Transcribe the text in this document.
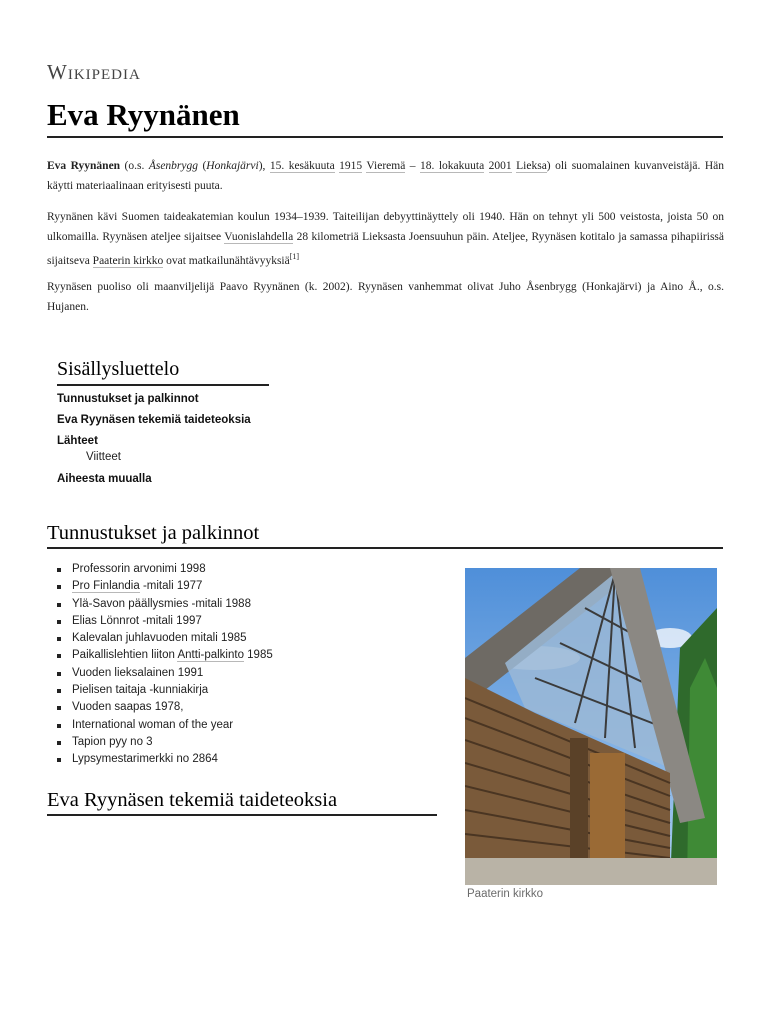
Wikipedia
Eva Ryynänen

Eva Ryynänen (o.s. Åsenbrygg (Honkajärvi), 15. kesäkuuta 1915 Vieremä – 18. lokakuuta 2001 Lieksa) oli suomalainen kuvanveistäjä. Hän käytti materiaalinaan erityisesti puuta.

Ryynänen kävi Suomen taideakatemian koulun 1934–1939. Taiteilijan debyyttinäyttely oli 1940. Hän on tehnyt yli 500 veistosta, joista 50 on ulkomailla. Ryynäsen ateljee sijaitsee Vuonislahdella 28 kilometriä Lieksasta Joensuuhun päin. Ateljee, Ryynäsen kotitalo ja samassa pihapiirissä sijaitseva Paaterin kirkko ovat matkailunähtävyyksiä[1]

Ryynäsen puoliso oli maanviljelijä Paavo Ryynänen (k. 2002). Ryynäsen vanhemmat olivat Juho Åsenbrygg (Honkajärvi) ja Aino Å., o.s. Hujanen.

Sisällysluettelo
Tunnustukset ja palkinnot
Eva Ryynäsen tekemiä taideteoksia
Lähteet
Viitteet
Aiheesta muualla
Tunnustukset ja palkinnot
Professorin arvonimi 1998
Pro Finlandia -mitali 1977
Ylä-Savon päällysmies -mitali 1988
Elias Lönnrot -mitali 1997
Kalevalan juhlavuoden mitali 1985
Paikallislehtien liiton Antti-palkinto 1985
Vuoden lieksalainen 1991
Pielisen taitaja -kunniakirja
Vuoden saapas 1978,
International woman of the year
Tapion pyy no 3
Lypsymestarimerkki no 2864
Eva Ryynäsen tekemiä taideteoksia
Paaterin kirkko
